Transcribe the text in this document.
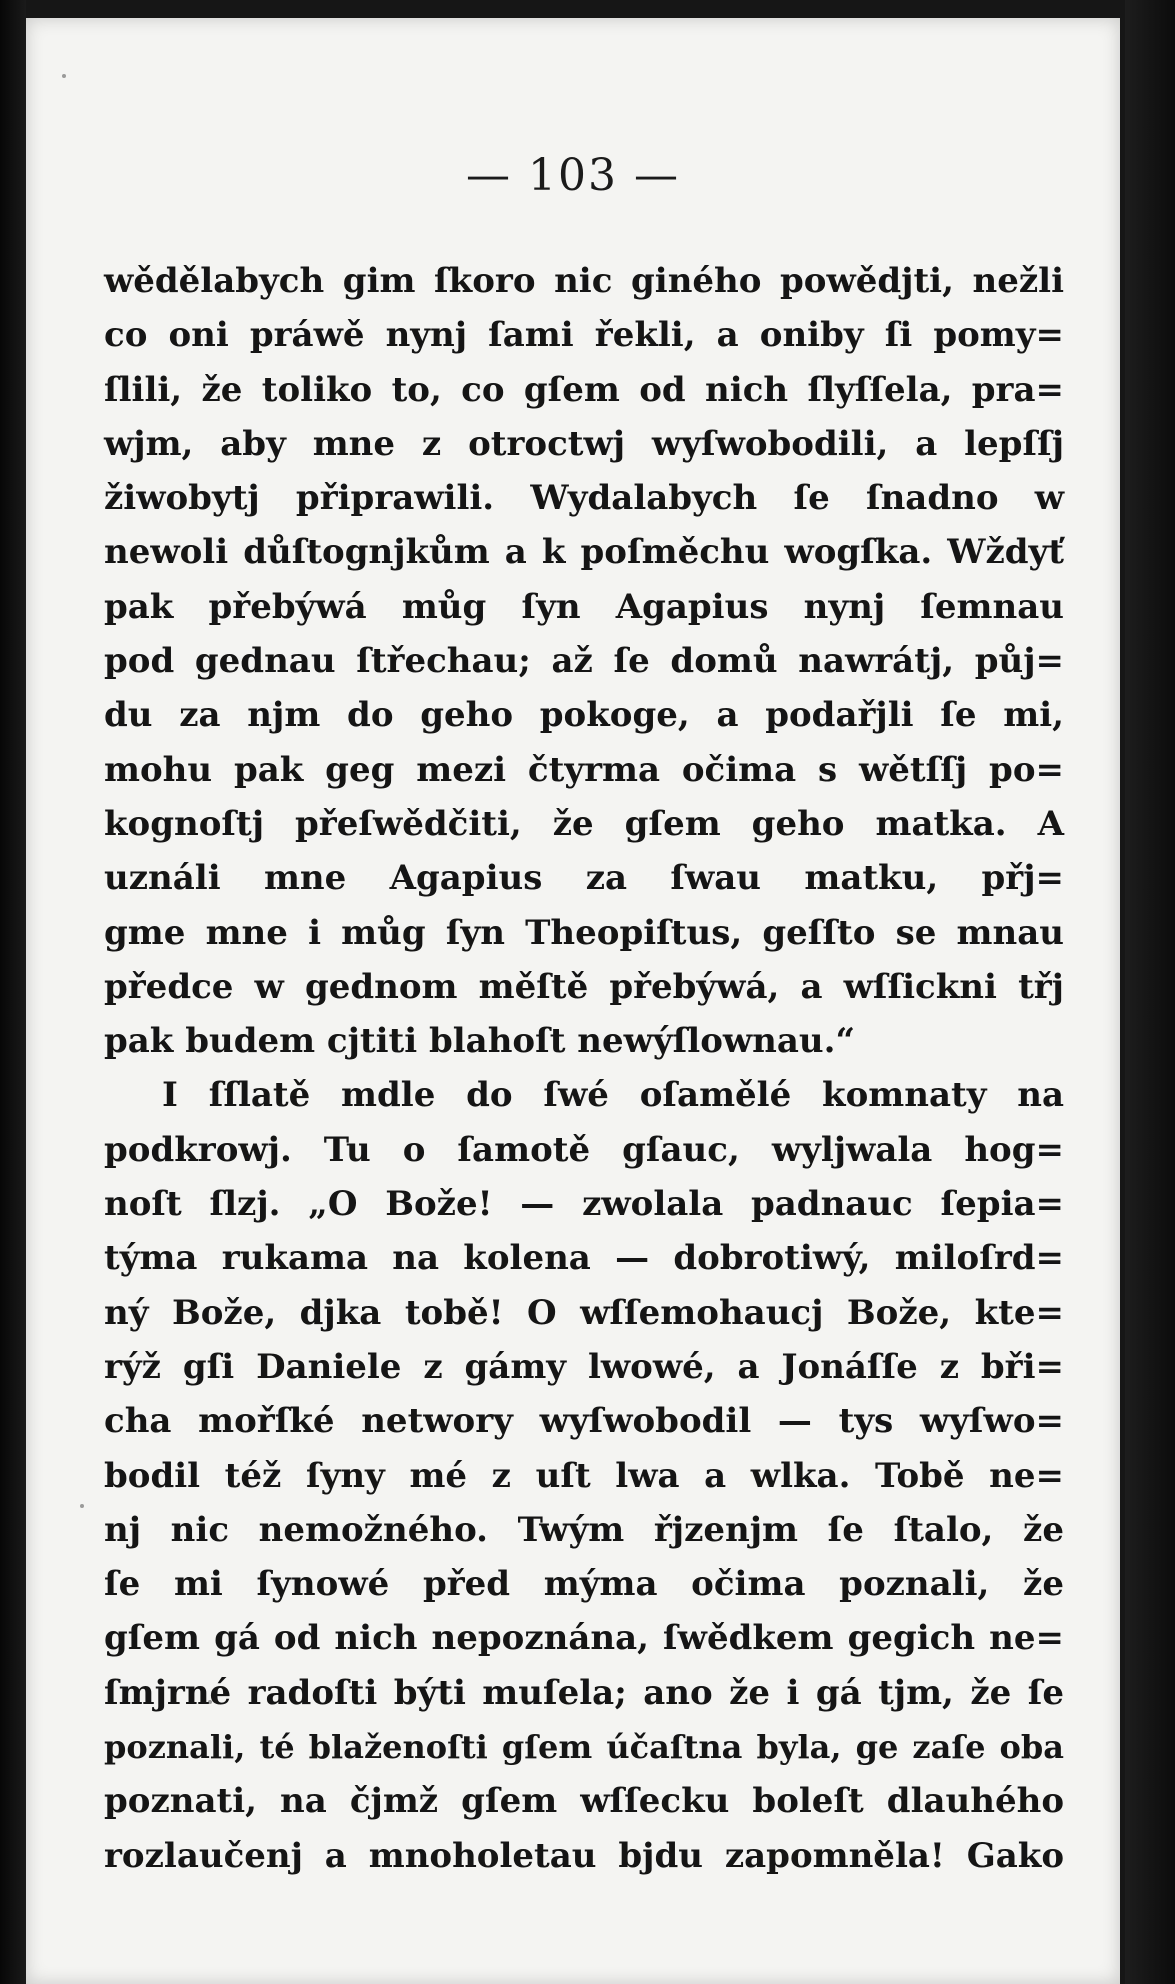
— 103 —
wědělabych gim ſkoro nic giného powědjti, nežli
co oni práwě nynj ſami řekli, a oniby ſi pomy=
ſlili, že toliko to, co gſem od nich ſlyſſela, pra=
wjm, aby mne z otroctwj wyſwobodili, a lepſſj
žiwobytj připrawili. Wydalabych ſe ſnadno w
newoli důſtognjkům a k poſměchu wogſka. Wždyť
pak přebýwá můg ſyn Agapius nynj ſemnau
pod gednau ſtřechau; až ſe domů nawrátj, půj=
du za njm do geho pokoge, a podařjli ſe mi,
mohu pak geg mezi čtyrma očima s wětſſj po=
kognoſtj přeſwědčiti, že gſem geho matka. A
uználi mne Agapius za ſwau matku, přj=
gme mne i můg ſyn Theopiſtus, geſſto se mnau
předce w gednom měſtě přebýwá, a wſſickni třj
pak budem cjtiti blahoſt newýſlownau.“
I ſſlatě mdle do ſwé oſamělé komnaty na
podkrowj. Tu o ſamotě gſauc, wyljwala hog=
noſt ſlzj. „O Bože! — zwolala padnauc ſepia=
týma rukama na kolena — dobrotiwý, miloſrd=
ný Bože, djka tobě! O wſſemohaucj Bože, kte=
rýž gſi Daniele z gámy lwowé, a Jonáſſe z bři=
cha mořſké networy wyſwobodil — tys wyſwo=
bodil též ſyny mé z uſt lwa a wlka. Tobě ne=
nj nic nemožného. Twým řjzenjm ſe ſtalo, že
ſe mi ſynowé před mýma očima poznali, že
gſem gá od nich nepoznána, ſwědkem gegich ne=
ſmjrné radoſti býti muſela; ano že i gá tjm, že ſe
poznali, té blaženoſti gſem účaſtna byla, ge zaſe oba
poznati, na čjmž gſem wſſecku boleſt dlauhého
rozlaučenj a mnoholetau bjdu zapomněla! Gako
